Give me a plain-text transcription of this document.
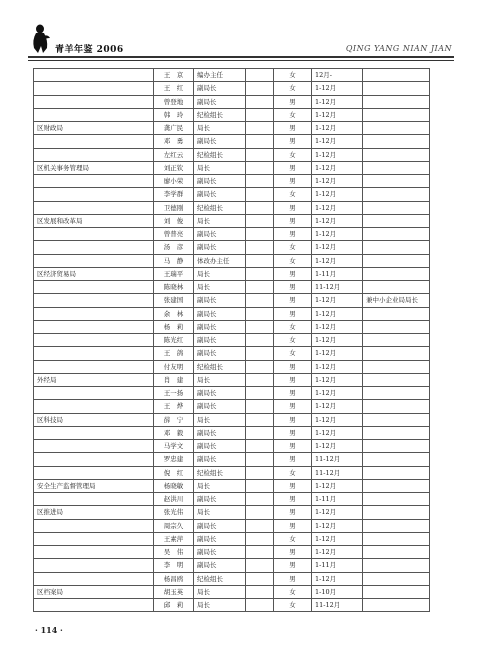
青羊年鉴 2006	QING YANG NIAN JIAN
	王　京	编办主任		女	12月-	
	王　红	副局长		女	1-12月	
	曾登地	副局长		男	1-12月	
	韩　玲	纪检组长		女	1-12月	
区财政局	龚广民	局长		男	1-12月	
	邓　勇	副局长		男	1-12月	
	左红云	纪检组长		女	1-12月	
区机关事务管理局	刘正钦	局长		男	1-12月	
	廖小荣	副局长		男	1-12月	
	李学群	副局长		女	1-12月	
	卫德刚	纪检组长		男	1-12月	
区发展和改革局	刘　俊	局长		男	1-12月	
	曾普亮	副局长		男	1-12月	
	汤　彦	副局长		女	1-12月	
	马　静	体改办主任		女	1-12月	
区经济贸易局	王瑞平	局长		男	1-11月	
	陈晓林	局长		男	11-12月	
	张建国	副局长		男	1-12月	兼中小企业局局长
	余　林	副局长		男	1-12月	
	杨　莉	副局长		女	1-12月	
	陈光红	副局长		女	1-12月	
	王　鸽	副局长		女	1-12月	
	付友明	纪检组长		男	1-12月	
外经局	肖　建	局长		男	1-12月	
	王一扬	副局长		男	1-12月	
	王　烨	副局长		男	1-12月	
区科技局	薛　宁	局长		男	1-12月	
	邓　毅	副局长		男	1-12月	
	马学文	副局长		男	1-12月	
	罗忠建	副局长		男	11-12月	
	倪　红	纪检组长		女	11-12月	
安全生产监督管理局	杨晓敏	局长		男	1-12月	
	赵洪川	副局长		男	1-11月	
区推进局	张光伟	局长		男	1-12月	
	周宗久	副局长		男	1-12月	
	王素萍	副局长		女	1-12月	
	吴　伟	副局长		男	1-12月	
	李　明	副局长		男	1-11月	
	杨昌鸥	纪检组长		男	1-12月	
区档案局	胡玉英	局长		女	1-10月	
	邱　莉	局长		女	11-12月	
· 114 ·
